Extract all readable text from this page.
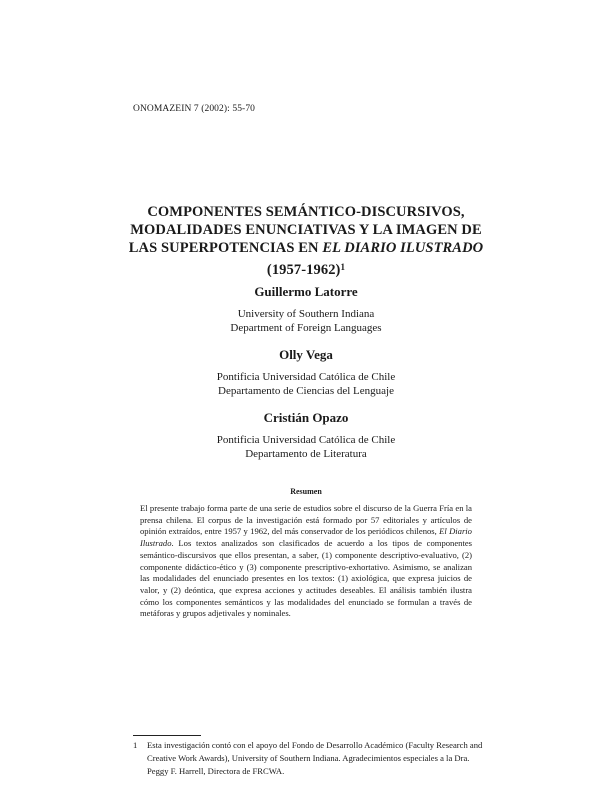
ONOMAZEIN 7 (2002): 55-70
COMPONENTES SEMÁNTICO-DISCURSIVOS,
MODALIDADES ENUNCIATIVAS Y LA IMAGEN DE
LAS SUPERPOTENCIAS EN EL DIARIO ILUSTRADO
(1957-1962)$^1$
Guillermo Latorre
University of Southern Indiana
Department of Foreign Languages
Olly Vega
Pontificia Universidad Católica de Chile
Departamento de Ciencias del Lenguaje
Cristián Opazo
Pontificia Universidad Católica de Chile
Departamento de Literatura
Resumen
El presente trabajo forma parte de una serie de estudios sobre el discurso de la Guerra Fría en la prensa chilena. El corpus de la investigación está formado por 57 editoriales y artículos de opinión extraídos, entre 1957 y 1962, del más conservador de los periódicos chilenos, El Diario Ilustrado. Los textos analizados son clasificados de acuerdo a los tipos de componentes semántico-discursivos que ellos presentan, a saber, (1) componente descriptivo-evaluativo, (2) componente didáctico-ético y (3) componente prescriptivo-exhortativo. Asimismo, se analizan las modalidades del enunciado presentes en los textos: (1) axiológica, que expresa juicios de valor, y (2) deóntica, que expresa acciones y actitudes deseables. El análisis también ilustra cómo los componentes semánticos y las modalidades del enunciado se formulan a través de metáforas y grupos adjetivales y nominales.
1 Esta investigación contó con el apoyo del Fondo de Desarrollo Académico (Faculty Research and Creative Work Awards), University of Southern Indiana. Agradecimientos especiales a la Dra. Peggy F. Harrell, Directora de FRCWA.
